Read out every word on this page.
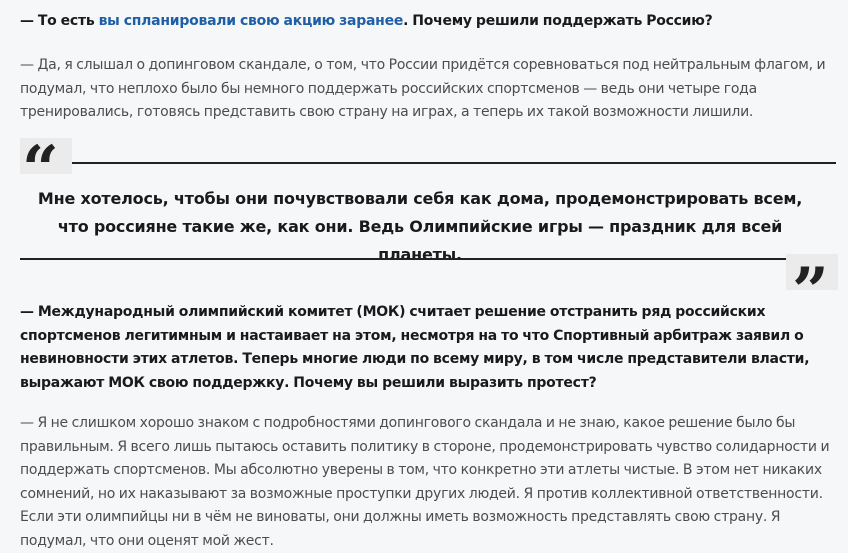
— То есть вы спланировали свою акцию заранее. Почему решили поддержать Россию?

— Да, я слышал о допинговом скандале, о том, что России придётся соревноваться под нейтральным флагом, и подумал, что неплохо было бы немного поддержать российских спортсменов — ведь они четыре года тренировались, готовясь представить свою страну на играх, а теперь их такой возможности лишили.

“

Мне хотелось, чтобы они почувствовали себя как дома, продемонстрировать всем, что россияне такие же, как они. Ведь Олимпийские игры — праздник для всей планеты.	”

— Международный олимпийский комитет (МОК) считает решение отстранить ряд российских спортсменов легитимным и настаивает на этом, несмотря на то что Спортивный арбитраж заявил о невиновности этих атлетов. Теперь многие люди по всему миру, в том числе представители власти, выражают МОК свою поддержку. Почему вы решили выразить протест?

— Я не слишком хорошо знаком с подробностями допингового скандала и не знаю, какое решение было бы правильным. Я всего лишь пытаюсь оставить политику в стороне, продемонстрировать чувство солидарности и поддержать спортсменов. Мы абсолютно уверены в том, что конкретно эти атлеты чистые. В этом нет никаких сомнений, но их наказывают за возможные проступки других людей. Я против коллективной ответственности. Если эти олимпийцы ни в чём не виноваты, они должны иметь возможность представлять свою страну. Я подумал, что они оценят мой жест.
